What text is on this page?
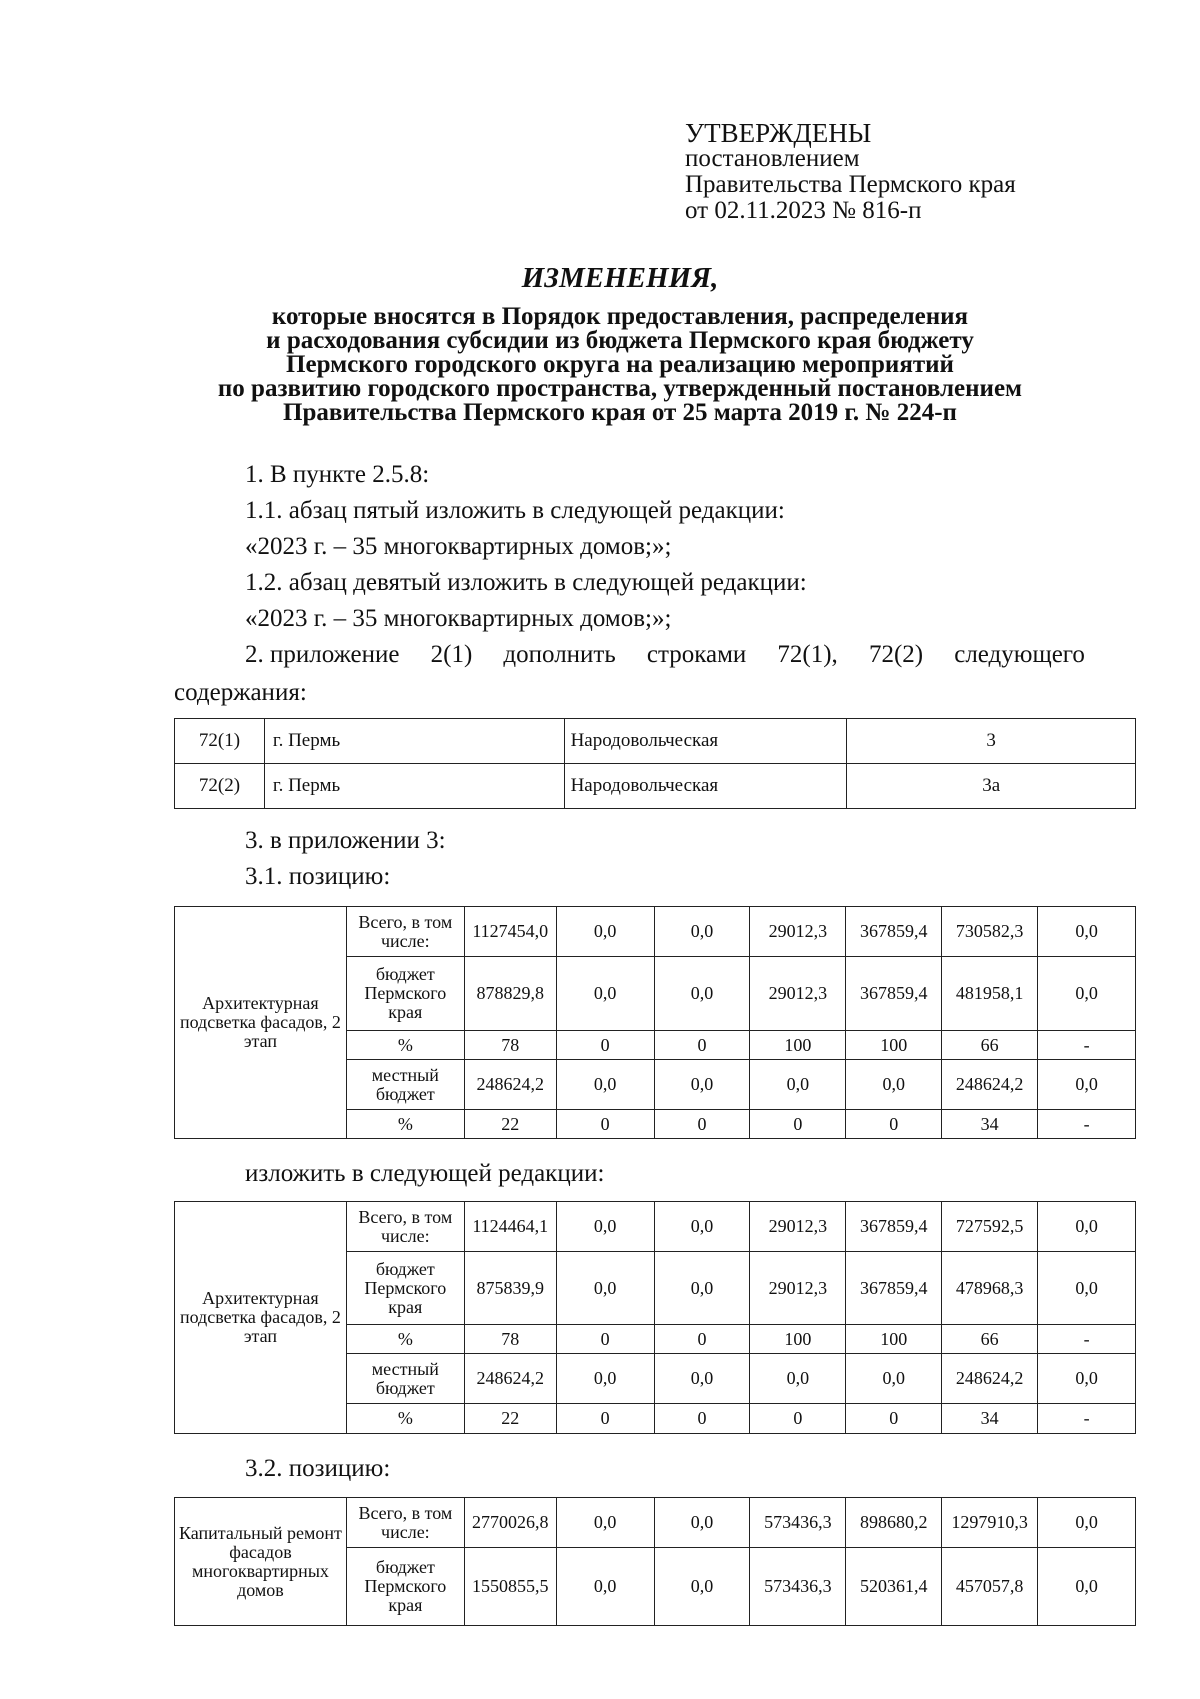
УТВЕРЖДЕНЫ
постановлением
Правительства Пермского края
от 02.11.2023 № 816-п
ИЗМЕНЕНИЯ,
которые вносятся в Порядок предоставления, распределения
и расходования субсидии из бюджета Пермского края бюджету
Пермского городского округа на реализацию мероприятий
по развитию городского пространства, утвержденный постановлением
Правительства Пермского края от 25 марта 2019 г. № 224-п
1. В пункте 2.5.8:
1.1. абзац пятый изложить в следующей редакции:
«2023 г. – 35 многоквартирных домов;»;
1.2. абзац девятый изложить в следующей редакции:
«2023 г. – 35 многоквартирных домов;»;
2. приложение 2(1) дополнить строками 72(1), 72(2) следующего
содержания:
72(1)	г. Пермь	Народовольческая	3
72(2)	г. Пермь	Народовольческая	3а
3. в приложении 3:
3.1. позицию:
Архитектурная подсветка фасадов, 2 этап	Всего, в том числе:	1127454,0	0,0	0,0	29012,3	367859,4	730582,3	0,0
	бюджет Пермского края	878829,8	0,0	0,0	29012,3	367859,4	481958,1	0,0
	%	78	0	0	100	100	66	-
	местный бюджет	248624,2	0,0	0,0	0,0	0,0	248624,2	0,0
	%	22	0	0	0	0	34	-
изложить в следующей редакции:
Архитектурная подсветка фасадов, 2 этап	Всего, в том числе:	1124464,1	0,0	0,0	29012,3	367859,4	727592,5	0,0
	бюджет Пермского края	875839,9	0,0	0,0	29012,3	367859,4	478968,3	0,0
	%	78	0	0	100	100	66	-
	местный бюджет	248624,2	0,0	0,0	0,0	0,0	248624,2	0,0
	%	22	0	0	0	0	34	-
3.2. позицию:
Капитальный ремонт фасадов многоквартирных домов	Всего, в том числе:	2770026,8	0,0	0,0	573436,3	898680,2	1297910,3	0,0
	бюджет Пермского края	1550855,5	0,0	0,0	573436,3	520361,4	457057,8	0,0
